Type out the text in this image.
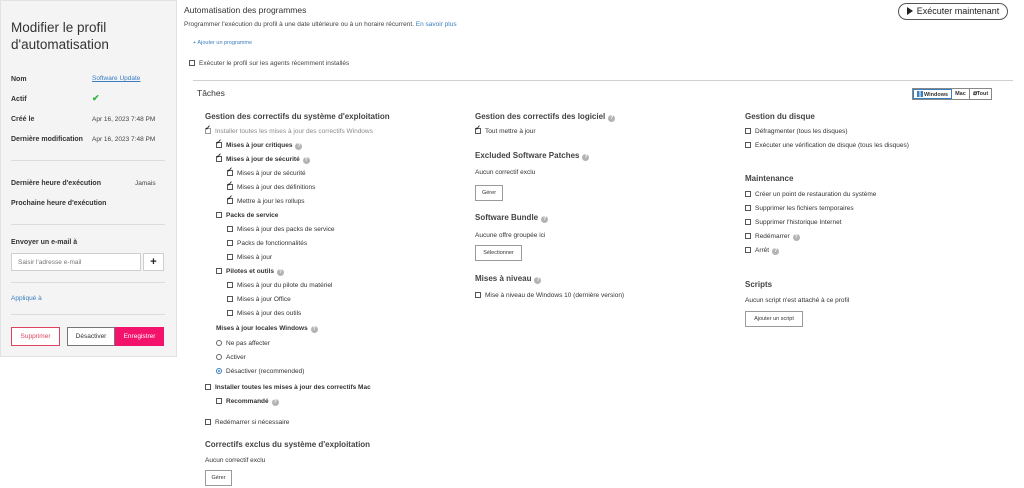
Modifier le profil d'automatisation
Nom	Software Update
Actif	✔
Créé le	Apr 16, 2023 7:48 PM
Dernière modification Apr 16, 2023 7:48 PM
Dernière heure d'exécution	Jamais
Prochaine heure d'exécution
Envoyer un e-mail à
Saisir l'adresse e-mail
+
Appliqué à
Supprimer	Désactiver	Enregistrer
Automatisation des programmes
Programmer l'exécution du profil à une date ultérieure ou à un horaire récurrent. En savoir plus
+ Ajouter un programme
Exécuter le profil sur les agents récemment installés
Exécuter maintenant
Tâches	Windows	Mac	⧉Tout
Gestion des correctifs du système d'exploitation
✓Installer toutes les mises à jour des correctifs Windows
✓Mises à jour critiques ?
✓Mises à jour de sécurité ?
✓Mises à jour de sécurité
✓Mises à jour des définitions
✓Mettre à jour les rollups
Packs de service
Mises à jour des packs de service
Packs de fonctionnalités
Mises à jour
Pilotes et outils ?
Mises à jour du pilote du matériel
Mises à jour Office
Mises à jour des outils
Mises à jour locales Windows ?
Ne pas affecter
Activer
Désactiver (recommended)
Installer toutes les mises à jour des correctifs Mac
Recommandé ?
Redémarrer si nécessaire
Correctifs exclus du système d'exploitation
Aucun correctif exclu
Gérer
Gestion des correctifs des logiciel ?
✓Tout mettre à jour
Excluded Software Patches ?
Aucun correctif exclu
Gérer
Software Bundle ?
Aucune offre groupée ici
Sélectionner
Mises à niveau ?
Mise à niveau de Windows 10 (dernière version)
Gestion du disque
Défragmenter (tous les disques)
Exécuter une vérification de disque (tous les disques)
Maintenance
Créer un point de restauration du système
Supprimer les fichiers temporaires
Supprimer l'historique Internet
Redémarrer ?
Arrêt ?
Scripts
Aucun script n'est attaché à ce profil
Ajouter un script
